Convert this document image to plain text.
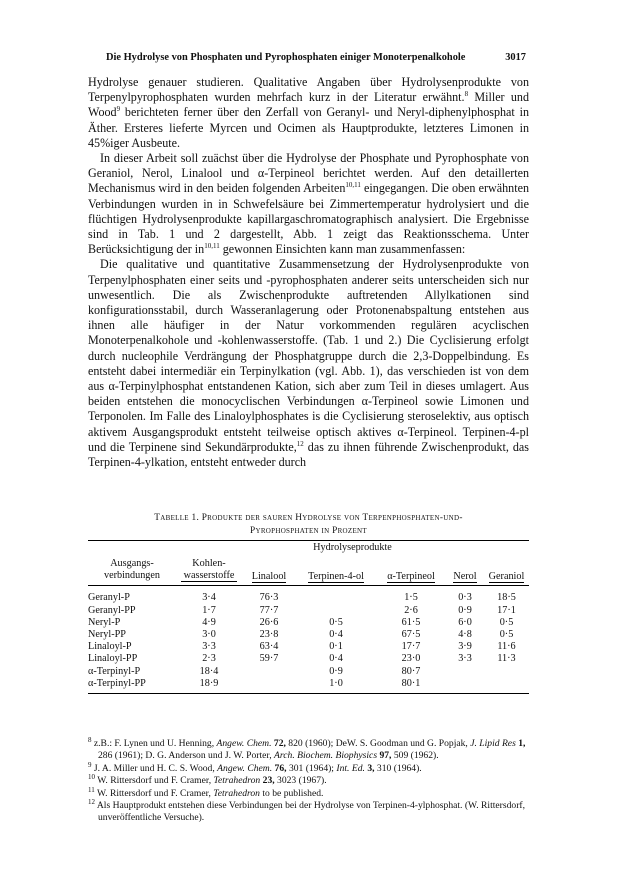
Die Hydrolyse von Phosphaten und Pyrophosphaten einiger Monoterpenalkohole	3017

Hydrolyse genauer studieren. Qualitative Angaben über Hydrolysenprodukte von Terpenylpyrophosphaten wurden mehrfach kurz in der Literatur erwähnt.$^8$ Miller und Wood$^9$ berichteten ferner über den Zerfall von Geranyl- und Neryl-diphenylphosphat in Äther. Ersteres lieferte Myrcen und Ocimen als Hauptprodukte, letzteres Limonen in 45%iger Ausbeute.

In dieser Arbeit soll zuächst über die Hydrolyse der Phosphate und Pyrophosphate von Geraniol, Nerol, Linalool und α-Terpineol berichtet werden. Auf den detaillerten Mechanismus wird in den beiden folgenden Arbeiten$^{10,11}$ eingegangen. Die oben erwähnten Verbindungen wurden in in Schwefelsäure bei Zimmertemperatur hydrolysiert und die flüchtigen Hydrolysenprodukte kapillargaschromatographisch analysiert. Die Ergebnisse sind in Tab. 1 und 2 dargestellt, Abb. 1 zeigt das Reaktionsschema. Unter Berücksichtigung der in$^{10,11}$ gewonnen Einsichten kann man zusammenfassen:

Die qualitative und quantitative Zusammensetzung der Hydrolysenprodukte von Terpenylphosphaten einer seits und -pyrophosphaten anderer seits unterscheiden sich nur unwesentlich. Die als Zwischenprodukte auftretenden Allylkationen sind konfigurationsstabil, durch Wasseranlagerung oder Protonenabspaltung entstehen aus ihnen alle häufiger in der Natur vorkommenden regulären acyclischen Monoterpenalkohole und -kohlenwasserstoffe. (Tab. 1 und 2.) Die Cyclisierung erfolgt durch nucleophile Verdrängung der Phosphatgruppe durch die 2,3-Doppelbindung. Es entsteht dabei intermediär ein Terpinylkation (vgl. Abb. 1), das verschieden ist von dem aus α-Terpinylphosphat entstandenen Kation, sich aber zum Teil in dieses umlagert. Aus beiden entstehen die monocyclischen Verbindungen α-Terpineol sowie Limonen und Terponolen. Im Falle des Linaloylphosphates is die Cyclisierung steroselektiv, aus optisch aktivem Ausgangsprodukt entsteht teilweise optisch aktives α-Terpineol. Terpinen-4-pl und die Terpinene sind Sekundärprodukte,$^{12}$ das zu ihnen führende Zwischenprodukt, das Terpinen-4-ylkation, entsteht entweder durch

Tabelle 1. Produkte der sauren Hydrolyse von Terpenphosphaten-und-
Pyrophosphaten in Prozent

	Hydrolyseprodukte					
Ausgangs-verbindungen	Kohlen-wasserstoffe	Linalool	Terpinen-4-ol	α-Terpineol	Nerol	Geraniol

Geranyl-P	3·4	76·3		1·5	0·3	18·5
Geranyl-PP	1·7	77·7		2·6	0·9	17·1
Neryl-P	4·9	26·6	0·5	61·5	6·0	0·5
Neryl-PP	3·0	23·8	0·4	67·5	4·8	0·5
Linaloyl-P	3·3	63·4	0·1	17·7	3·9	11·6
Linaloyl-PP	2·3	59·7	0·4	23·0	3·3	11·3
α-Terpinyl-P	18·4		0·9	80·7		
α-Terpinyl-PP	18·9		1·0	80·1		

$^8$ z.B.: F. Lynen und U. Henning, Angew. Chem. 72, 820 (1960); DeW. S. Goodman und G. Popjak, J. Lipid Res 1, 286 (1961); D. G. Anderson und J. W. Porter, Arch. Biochem. Biophysics 97, 509 (1962).

$^9$ J. A. Miller und H. C. S. Wood, Angew. Chem. 76, 301 (1964); Int. Ed. 3, 310 (1964).

$^{10}$ W. Rittersdorf und F. Cramer, Tetrahedron 23, 3023 (1967).

$^{11}$ W. Rittersdorf und F. Cramer, Tetrahedron to be published.

$^{12}$ Als Hauptprodukt entstehen diese Verbindungen bei der Hydrolyse von Terpinen-4-ylphosphat. (W. Rittersdorf, unveröffentliche Versuche).
